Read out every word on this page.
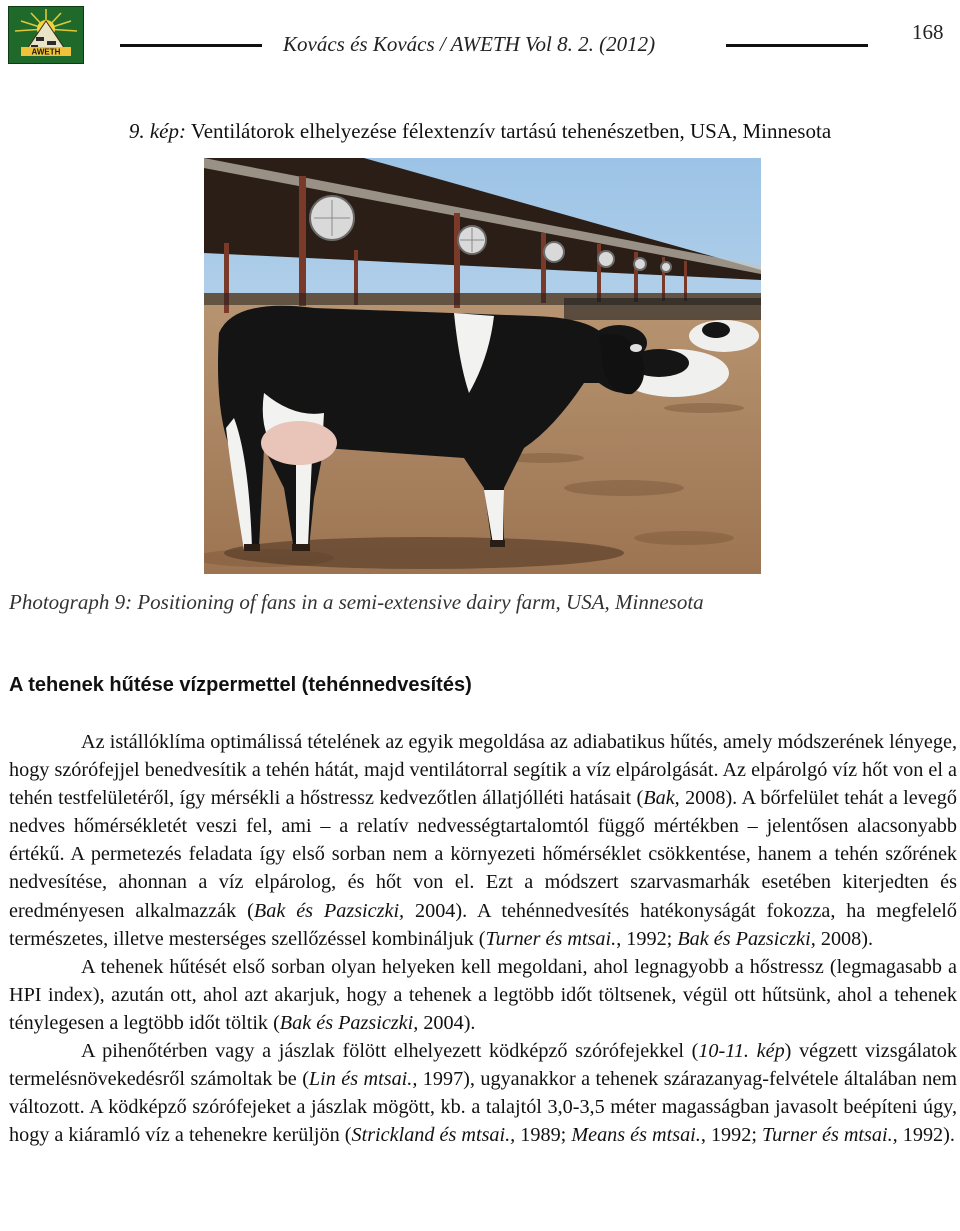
AWETH	Kovács és Kovács / AWETH Vol 8. 2. (2012)	168
9. kép: Ventilátorok elhelyezése félextenzív tartású tehenészetben, USA, Minnesota
Photograph 9: Positioning of fans in a semi-extensive dairy farm, USA, Minnesota
A tehenek hűtése vízpermettel (tehénnedvesítés)

Az istállóklíma optimálissá tételének az egyik megoldása az adiabatikus hűtés, amely módszerének lényege, hogy szórófejjel benedvesítik a tehén hátát, majd ventilátorral segítik a víz elpárolgását. Az elpárolgó víz hőt von el a tehén testfelületéről, így mérsékli a hőstressz kedvezőtlen állatjólléti hatásait (Bak, 2008). A bőrfelület tehát a levegő nedves hőmérsékletét veszi fel, ami – a relatív nedvességtartalomtól függő mértékben – jelentősen alacsonyabb értékű. A permetezés feladata így első sorban nem a környezeti hőmérséklet csökkentése, hanem a tehén szőrének nedvesítése, ahonnan a víz elpárolog, és hőt von el. Ezt a módszert szarvasmarhák esetében kiterjedten és eredményesen alkalmazzák (Bak és Pazsiczki, 2004). A tehénnedvesítés hatékonyságát fokozza, ha megfelelő természetes, illetve mesterséges szellőzéssel kombináljuk (Turner és mtsai., 1992; Bak és Pazsiczki, 2008).

A tehenek hűtését első sorban olyan helyeken kell megoldani, ahol legnagyobb a hőstressz (legmagasabb a HPI index), azután ott, ahol azt akarjuk, hogy a tehenek a legtöbb időt töltsenek, végül ott hűtsünk, ahol a tehenek ténylegesen a legtöbb időt töltik (Bak és Pazsiczki, 2004).

A pihenőtérben vagy a jászlak fölött elhelyezett ködképző szórófejekkel (10-11. kép) végzett vizsgálatok termelésnövekedésről számoltak be (Lin és mtsai., 1997), ugyanakkor a tehenek szárazanyag-felvétele általában nem változott. A ködképző szórófejeket a jászlak mögött, kb. a talajtól 3,0-3,5 méter magasságban javasolt beépíteni úgy, hogy a kiáramló víz a tehenekre kerüljön (Strickland és mtsai., 1989; Means és mtsai., 1992; Turner és mtsai., 1992).
